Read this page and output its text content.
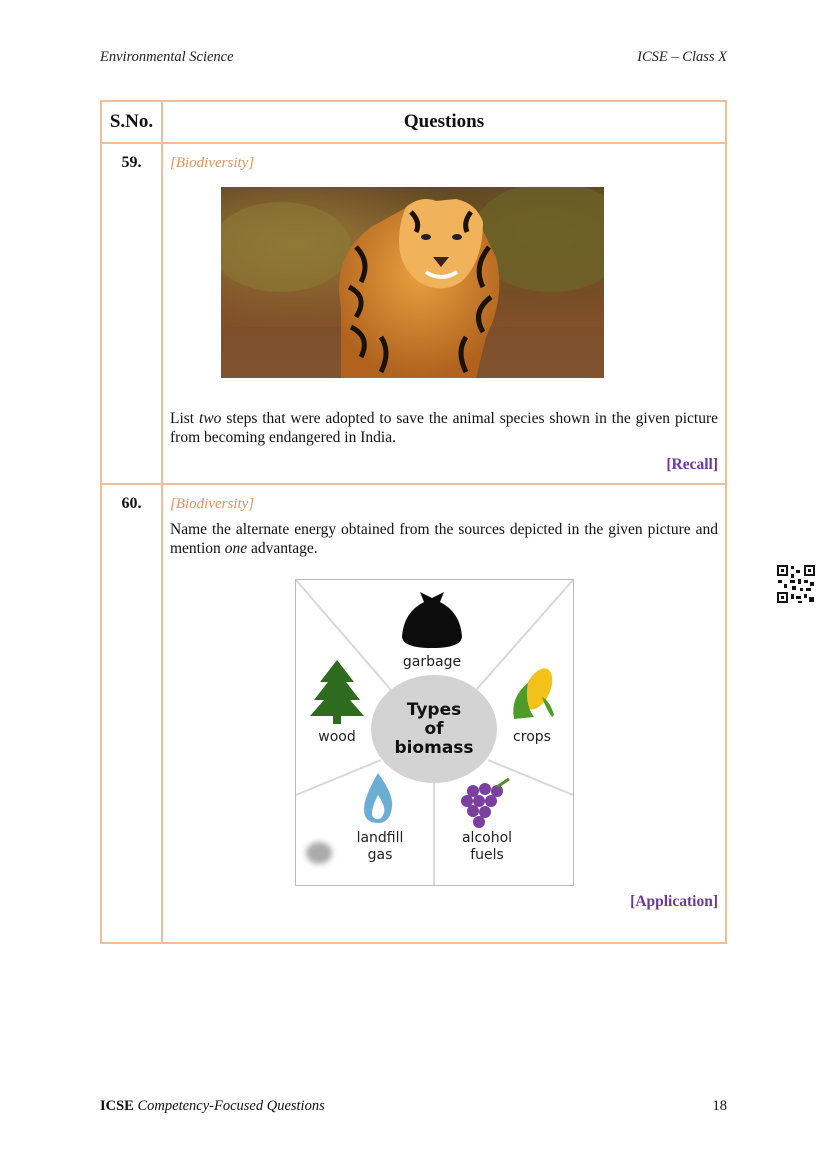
Environmental Science	ICSE – Class X
S.No.	Questions
59.	[Biodiversity]
List two steps that were adopted to save the animal species shown in the given picture from becoming endangered in India.
[Recall]

60.	[Biodiversity]
Name the alternate energy obtained from the sources depicted in the given picture and mention one advantage.
[Application]
garbage
wood
Types
of
biomass
crops
landfill
gas
alcohol
fuels
ICSE Competency-Focused Questions	18
